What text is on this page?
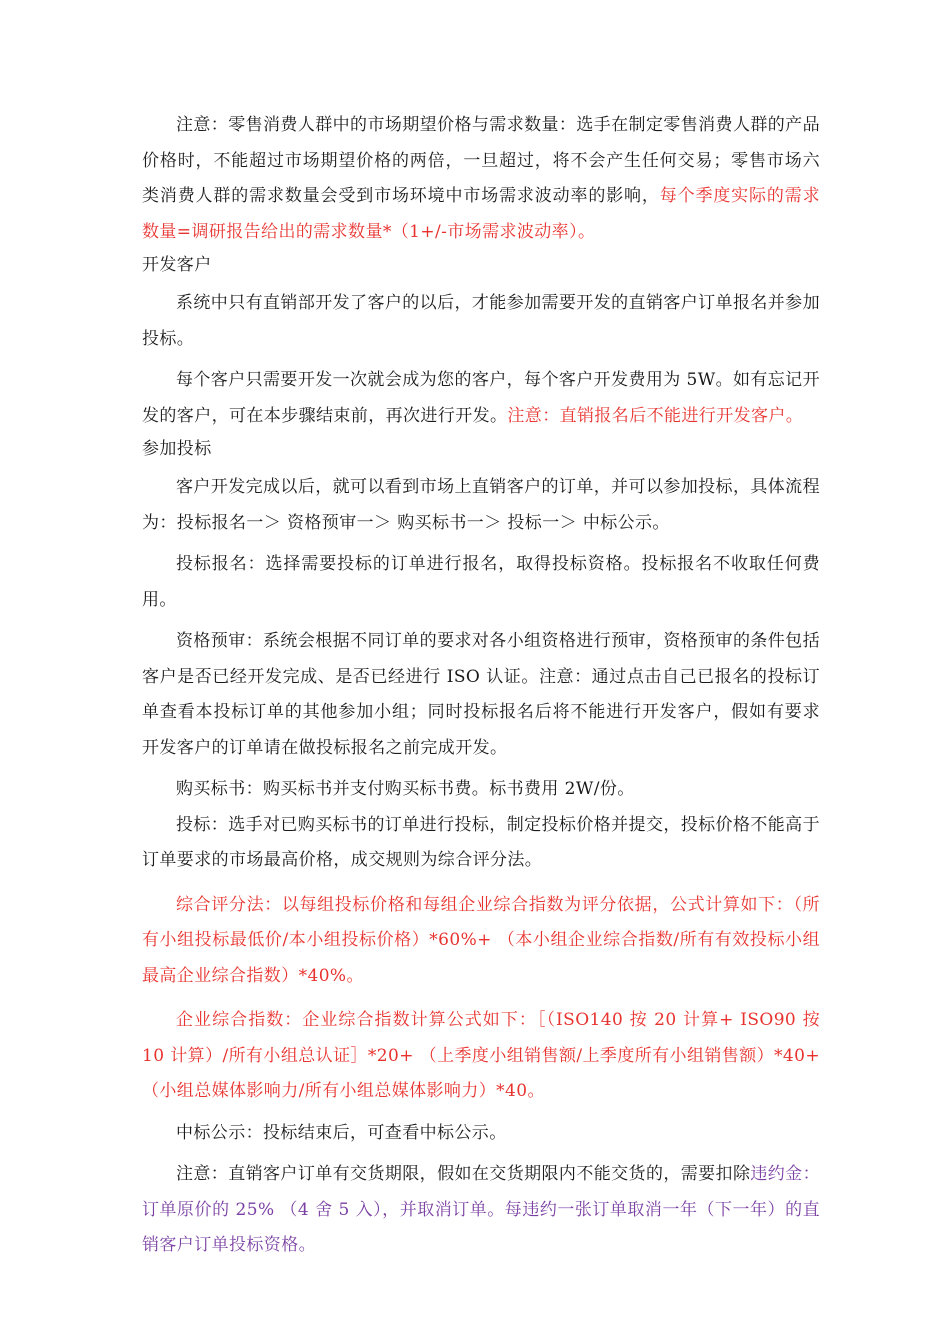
注意：零售消费人群中的市场期望价格与需求数量：选手在制定零售消费人群的产品价格时，不能超过市场期望价格的两倍，一旦超过，将不会产生任何交易；零售市场六类消费人群的需求数量会受到市场环境中市场需求波动率的影响，每个季度实际的需求数量=调研报告给出的需求数量*（1+/-市场需求波动率）。

开发客户

系统中只有直销部开发了客户的以后，才能参加需要开发的直销客户订单报名并参加投标。

每个客户只需要开发一次就会成为您的客户，每个客户开发费用为 5W。如有忘记开发的客户，可在本步骤结束前，再次进行开发。注意：直销报名后不能进行开发客户。

参加投标

客户开发完成以后，就可以看到市场上直销客户的订单，并可以参加投标，具体流程为：投标报名一＞ 资格预审一＞ 购买标书一＞ 投标一＞ 中标公示。

投标报名：选择需要投标的订单进行报名，取得投标资格。投标报名不收取任何费用。

资格预审：系统会根据不同订单的要求对各小组资格进行预审，资格预审的条件包括客户是否已经开发完成、是否已经进行 ISO 认证。注意：通过点击自己已报名的投标订单查看本投标订单的其他参加小组；同时投标报名后将不能进行开发客户，假如有要求开发客户的订单请在做投标报名之前完成开发。

购买标书：购买标书并支付购买标书费。标书费用 2W/份。

投标：选手对已购买标书的订单进行投标，制定投标价格并提交，投标价格不能高于订单要求的市场最高价格，成交规则为综合评分法。

综合评分法：以每组投标价格和每组企业综合指数为评分依据，公式计算如下：（所有小组投标最低价/本小组投标价格）*60%+ （本小组企业综合指数/所有有效投标小组最高企业综合指数）*40%。

企业综合指数：企业综合指数计算公式如下：［（ISO140 按 20 计算+ ISO90 按 10 计算）/所有小组总认证］*20+ （上季度小组销售额/上季度所有小组销售额）*40+ （小组总媒体影响力/所有小组总媒体影响力）*40。

中标公示：投标结束后，可查看中标公示。

注意：直销客户订单有交货期限，假如在交货期限内不能交货的，需要扣除违约金：订单原价的 25% （4 舍 5 入），并取消订单。每违约一张订单取消一年（下一年）的直销客户订单投标资格。
